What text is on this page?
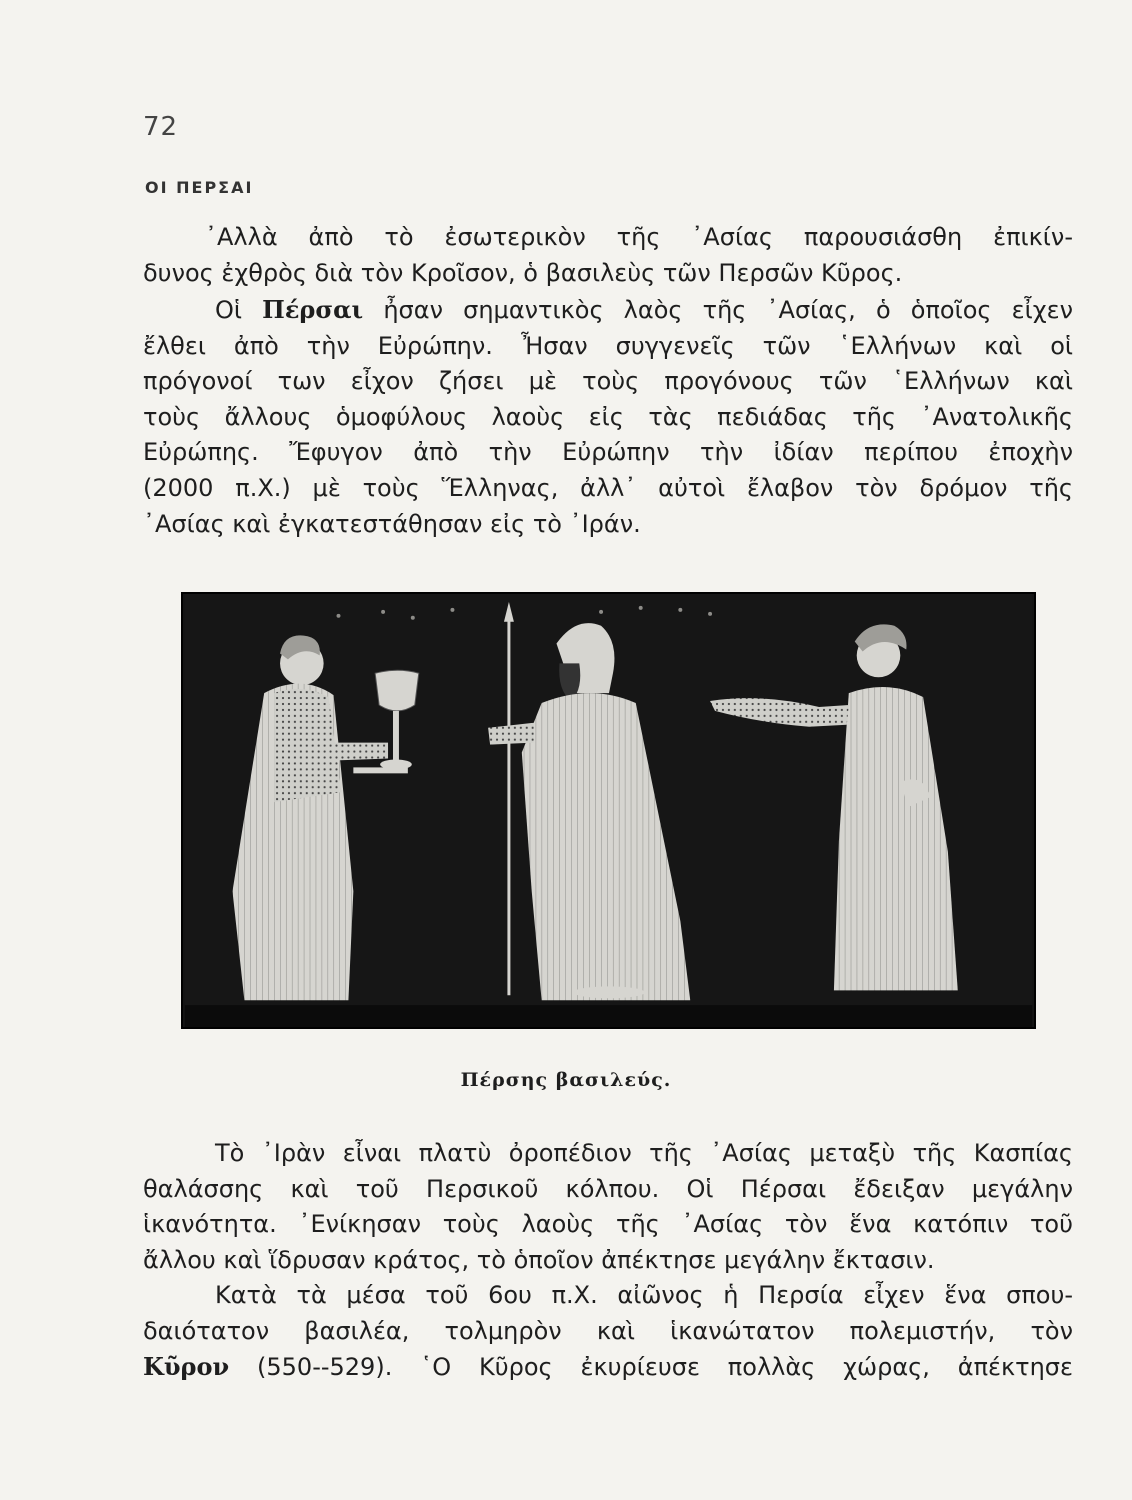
72
ΟΙ ΠΕΡΣΑΙ

᾿Αλλὰ ἀπὸ τὸ ἐσωτερικὸν τῆς ᾿Ασίας παρουσιάσθη ἐπικίν-
δυνος ἐχθρὸς διὰ τὸν Κροῖσον, ὁ βασιλεὺς τῶν Περσῶν Κῦρος.

Οἱ Πέρσαι ἦσαν σημαντικὸς λαὸς τῆς ᾿Ασίας, ὁ ὁποῖος εἶχεν
ἔλθει ἀπὸ τὴν Εὐρώπην. Ἦσαν συγγενεῖς τῶν ῾Ελλήνων καὶ οἱ
πρόγονοί των εἶχον ζήσει μὲ τοὺς προγόνους τῶν ῾Ελλήνων καὶ
τοὺς ἄλλους ὁμοφύλους λαοὺς εἰς τὰς πεδιάδας τῆς ᾿Ανατολικῆς
Εὐρώπης. Ἔφυγον ἀπὸ τὴν Εὐρώπην τὴν ἰδίαν περίπου ἐποχὴν
(2000 π.Χ.) μὲ τοὺς Ἕλληνας, ἀλλ᾿ αὐτοὶ ἔλαβον τὸν δρόμον τῆς
᾿Ασίας καὶ ἐγκατεστάθησαν εἰς τὸ ᾿Ιράν.

Πέρσης βασιλεύς.

Τὸ ᾿Ιρὰν εἶναι πλατὺ ὀροπέδιον τῆς ᾿Ασίας μεταξὺ τῆς Κασπίας
θαλάσσης καὶ τοῦ Περσικοῦ κόλπου. Οἱ Πέρσαι ἔδειξαν μεγάλην
ἱκανότητα. ᾿Ενίκησαν τοὺς λαοὺς τῆς ᾿Ασίας τὸν ἕνα κατόπιν τοῦ
ἄλλου καὶ ἵδρυσαν κράτος, τὸ ὁποῖον ἀπέκτησε μεγάλην ἔκτασιν.

Κατὰ τὰ μέσα τοῦ 6ου π.Χ. αἰῶνος ἡ Περσία εἶχεν ἕνα σπου-
δαιότατον βασιλέα, τολμηρὸν καὶ ἱκανώτατον πολεμιστήν, τὸν
Κῦρον (550--529). ῾Ο Κῦρος ἐκυρίευσε πολλὰς χώρας, ἀπέκτησε
